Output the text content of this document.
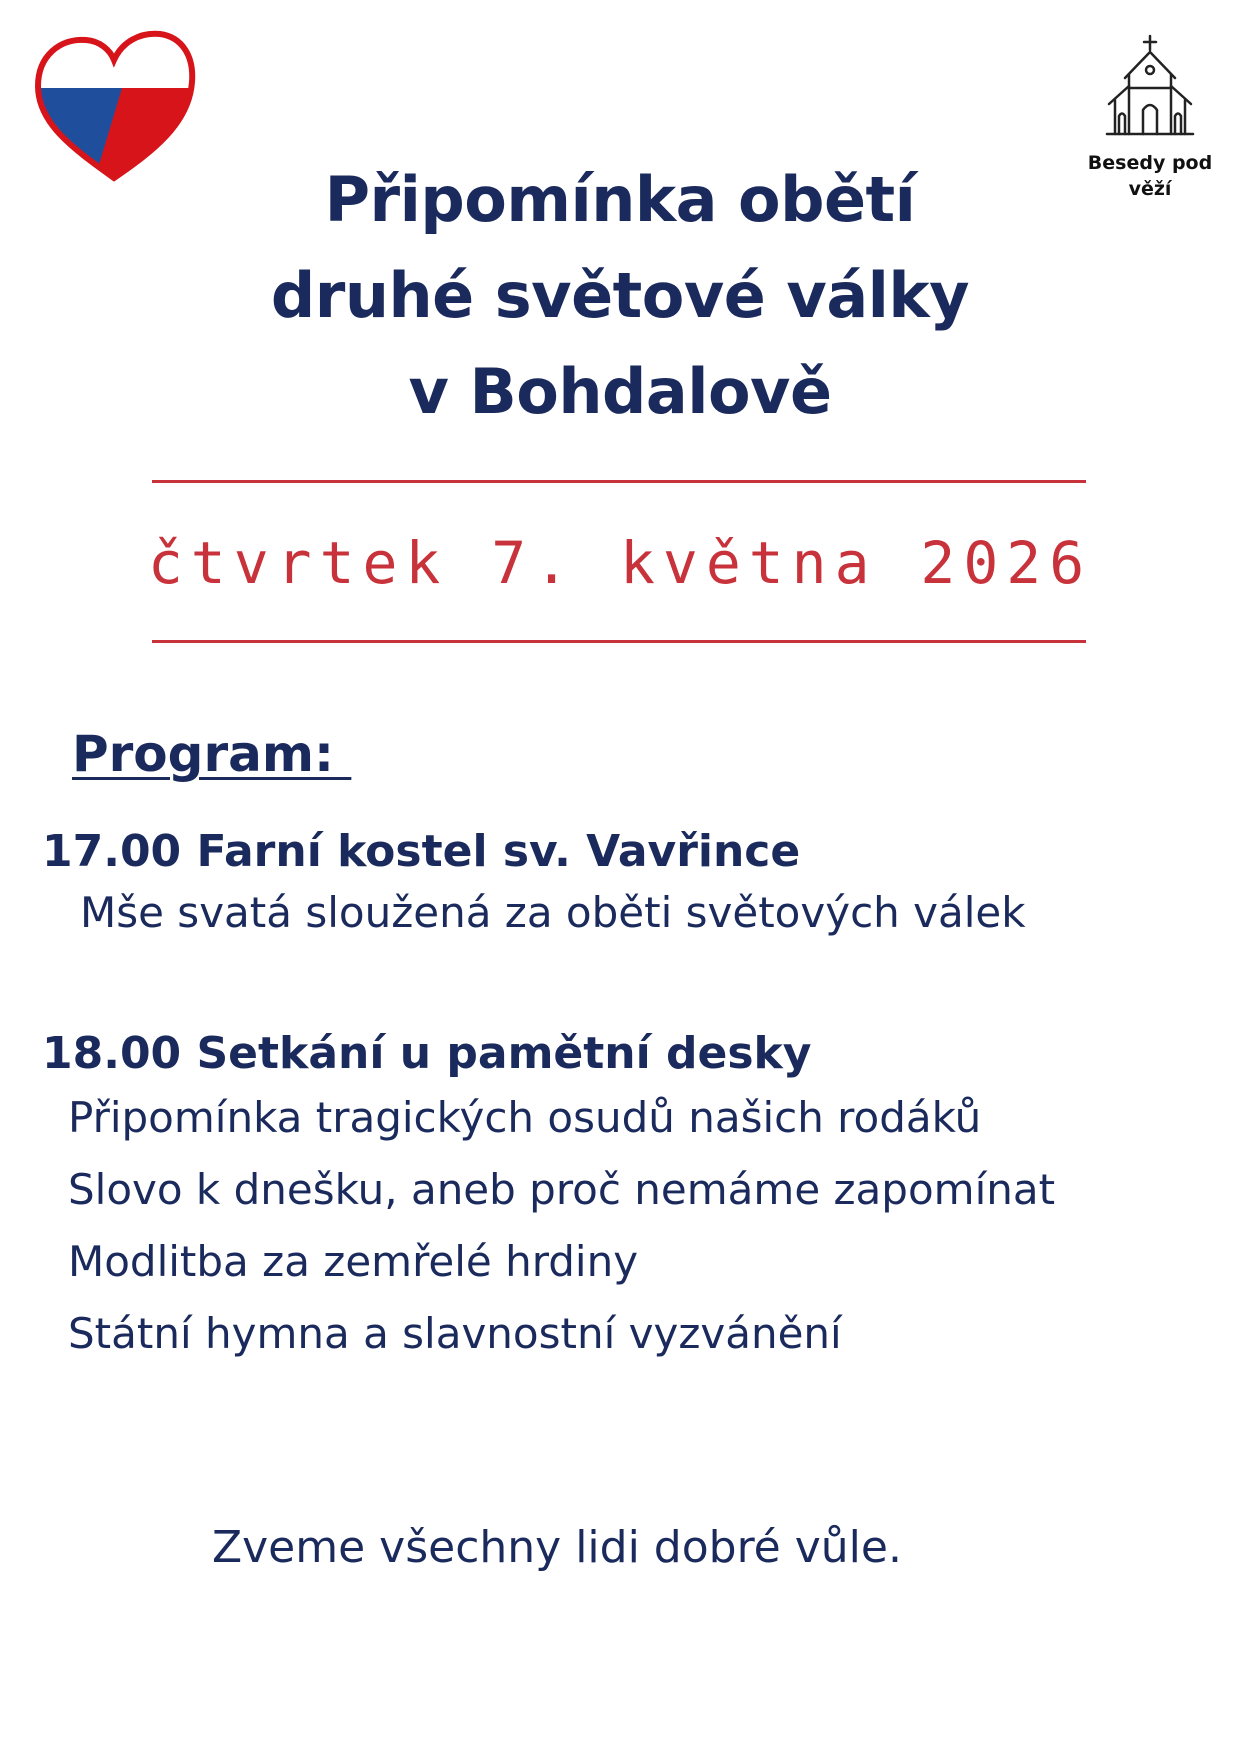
Besedy pod
věží
Připomínka obětí
druhé světové války
v Bohdalově
čtvrtek 7. května 2026
Program:
17.00 Farní kostel sv. Vavřince
Mše svatá sloužená za oběti světových válek
18.00 Setkání u pamětní desky
Připomínka tragických osudů našich rodáků
Slovo k dnešku, aneb proč nemáme zapomínat
Modlitba za zemřelé hrdiny
Státní hymna a slavnostní vyzvánění
Zveme všechny lidi dobré vůle.
